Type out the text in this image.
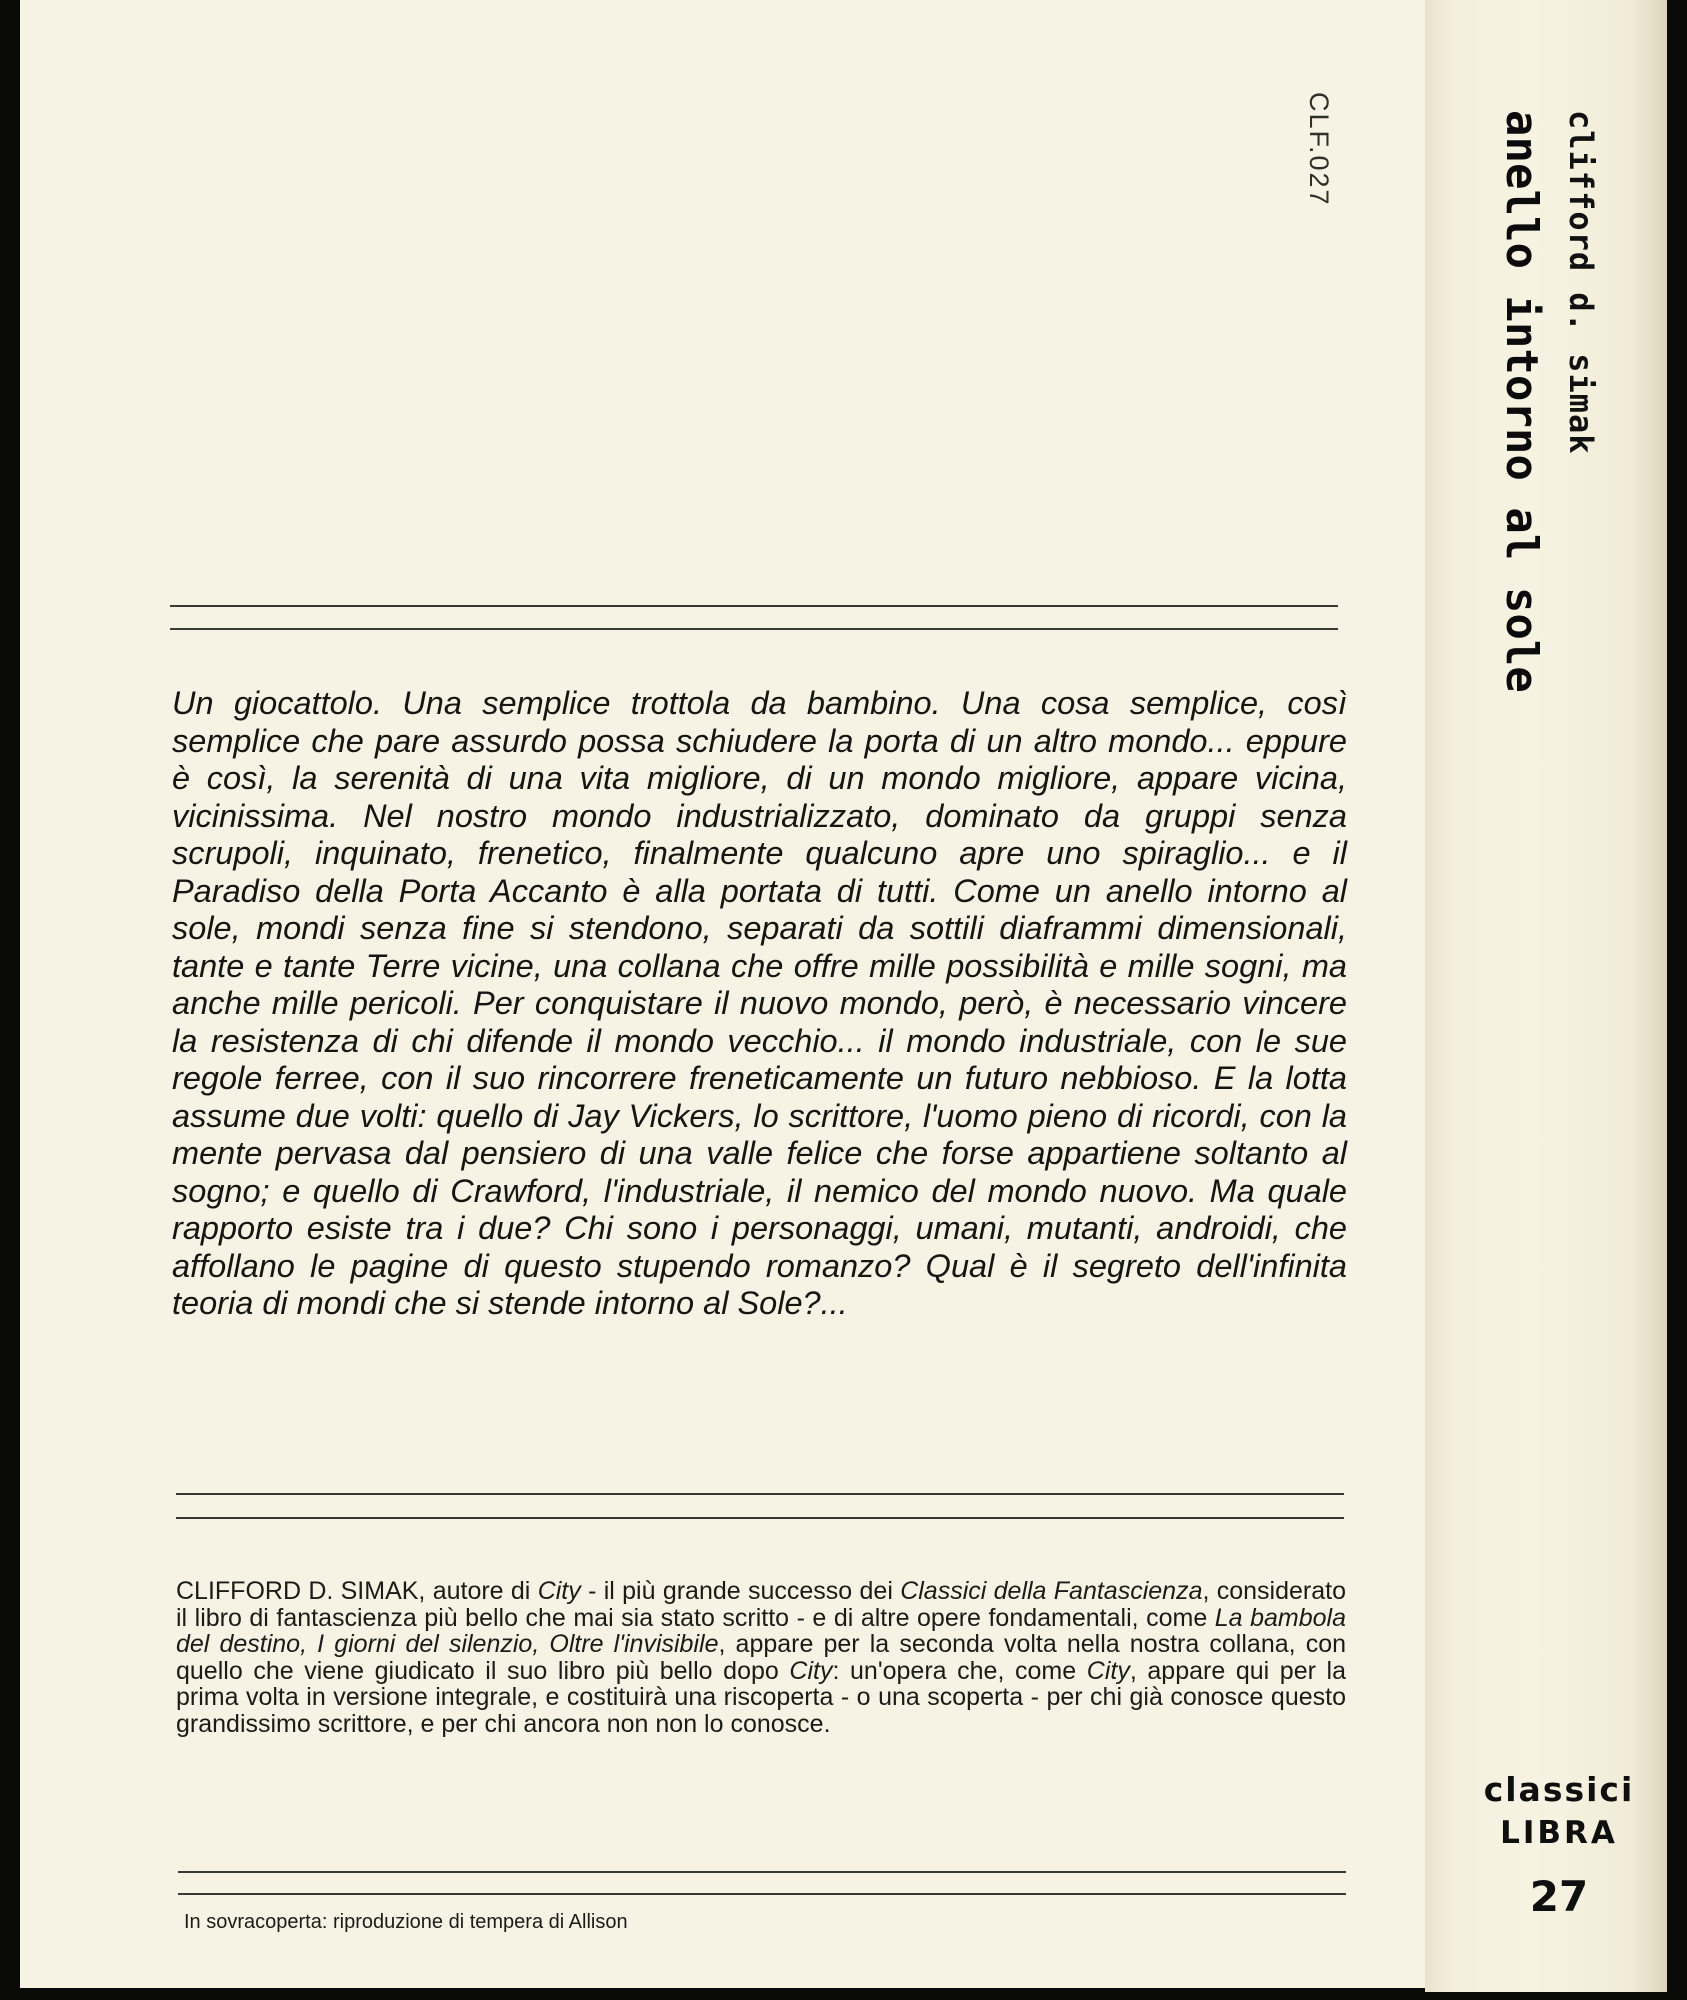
CLF.027

Un giocattolo. Una semplice trottola da bambino. Una cosa semplice, così semplice che pare assurdo possa schiudere la porta di un altro mondo... eppure è così, la serenità di una vita migliore, di un mondo migliore, appare vicina, vicinissima. Nel nostro mondo industrializzato, dominato da gruppi senza scrupoli, inquinato, frenetico, finalmente qualcuno apre uno spiraglio... e il Paradiso della Porta Accanto è alla portata di tutti. Come un anello intorno al sole, mondi senza fine si stendono, separati da sottili diaframmi dimensionali, tante e tante Terre vicine, una collana che offre mille possibilità e mille sogni, ma anche mille pericoli. Per conquistare il nuovo mondo, però, è necessario vincere la resistenza di chi difende il mondo vecchio... il mondo industriale, con le sue regole ferree, con il suo rincorrere freneticamente un futuro nebbioso. E la lotta assume due volti: quello di Jay Vickers, lo scrittore, l'uomo pieno di ricordi, con la mente pervasa dal pensiero di una valle felice che forse appartiene soltanto al sogno; e quello di Crawford, l'industriale, il nemico del mondo nuovo. Ma quale rapporto esiste tra i due? Chi sono i personaggi, umani, mutanti, androidi, che affollano le pagine di questo stupendo romanzo? Qual è il segreto dell'infinita teoria di mondi che si stende intorno al Sole?...

CLIFFORD D. SIMAK, autore di City - il più grande successo dei Classici della Fantascienza, considerato il libro di fantascienza più bello che mai sia stato scritto - e di altre opere fondamentali, come La bambola del destino, I giorni del silenzio, Oltre l'invisibile, appare per la seconda volta nella nostra collana, con quello che viene giudicato il suo libro più bello dopo City: un'opera che, come City, appare qui per la prima volta in versione integrale, e costituirà una riscoperta - o una scoperta - per chi già conosce questo grandissimo scrittore, e per chi ancora non non lo conosce.

In sovracoperta: riproduzione di tempera di Allison
clifford d. simak
anello intorno al sole
classici
LIBRA
27
